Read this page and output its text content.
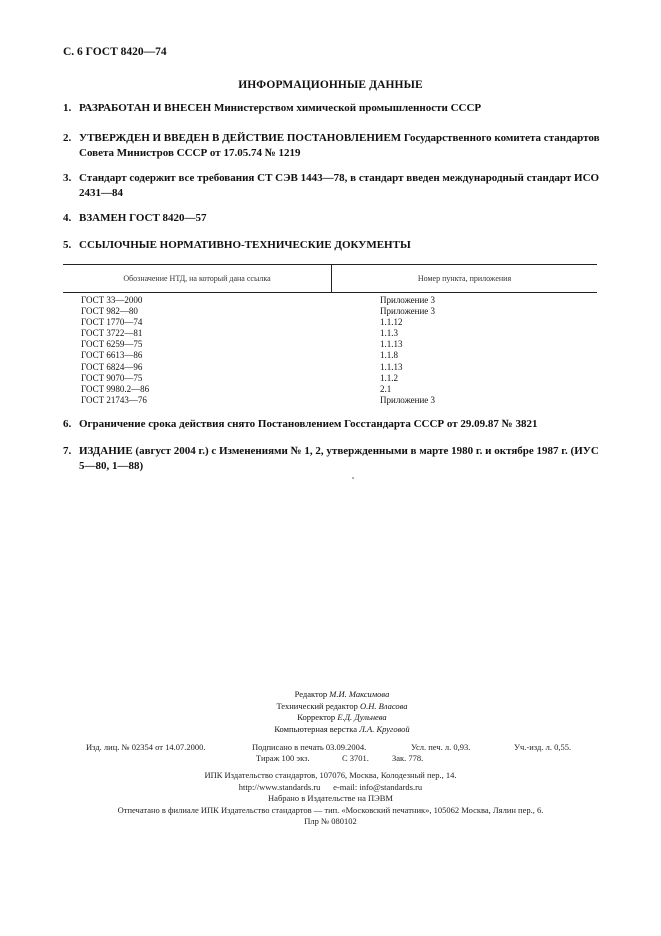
С. 6 ГОСТ 8420—74
ИНФОРМАЦИОННЫЕ ДАННЫЕ
1. РАЗРАБОТАН И ВНЕСЕН Министерством химической промышленности СССР
2. УТВЕРЖДЕН И ВВЕДЕН В ДЕЙСТВИЕ ПОСТАНОВЛЕНИЕМ Государственного комитета стандартов Совета Министров СССР от 17.05.74 № 1219
3. Стандарт содержит все требования СТ СЭВ 1443—78, в стандарт введен международный стандарт ИСО 2431—84
4. ВЗАМЕН ГОСТ 8420—57
5. ССЫЛОЧНЫЕ НОРМАТИВНО-ТЕХНИЧЕСКИЕ ДОКУМЕНТЫ
Обозначение НТД, на который дана ссылка	Номер пункта, приложения
ГОСТ 33—2000	Приложение 3
ГОСТ 982—80	Приложение 3
ГОСТ 1770—74	1.1.12
ГОСТ 3722—81	1.1.3
ГОСТ 6259—75	1.1.13
ГОСТ 6613—86	1.1.8
ГОСТ 6824—96	1.1.13
ГОСТ 9070—75	1.1.2
ГОСТ 9980.2—86	2.1
ГОСТ 21743—76	Приложение 3
6. Ограничение срока действия снято Постановлением Госстандарта СССР от 29.09.87 № 3821
7. ИЗДАНИЕ (август 2004 г.) с Изменениями № 1, 2, утвержденными в марте 1980 г. и октябре 1987 г. (ИУС 5—80, 1—88)
Редактор М.И. Максимова
Технический редактор О.Н. Власова
Корректор Е.Д. Дульнева
Компьютерная верстка Л.А. Круговой
Изд. лиц. № 02354 от 14.07.2000.	Подписано в печать 03.09.2004.	Усл. печ. л. 0,93.	Уч.-изд. л. 0,55.
Тираж 100 экз.	С 3701.	Зак. 778.
ИПК Издательство стандартов, 107076, Москва, Колодезный пер., 14.
http://www.standards.ru      e-mail: info@standards.ru
Набрано в Издательстве на ПЭВМ
Отпечатано в филиале ИПК Издательство стандартов — тип. «Московский печатник», 105062 Москва, Лялин пер., 6.
Плр № 080102
